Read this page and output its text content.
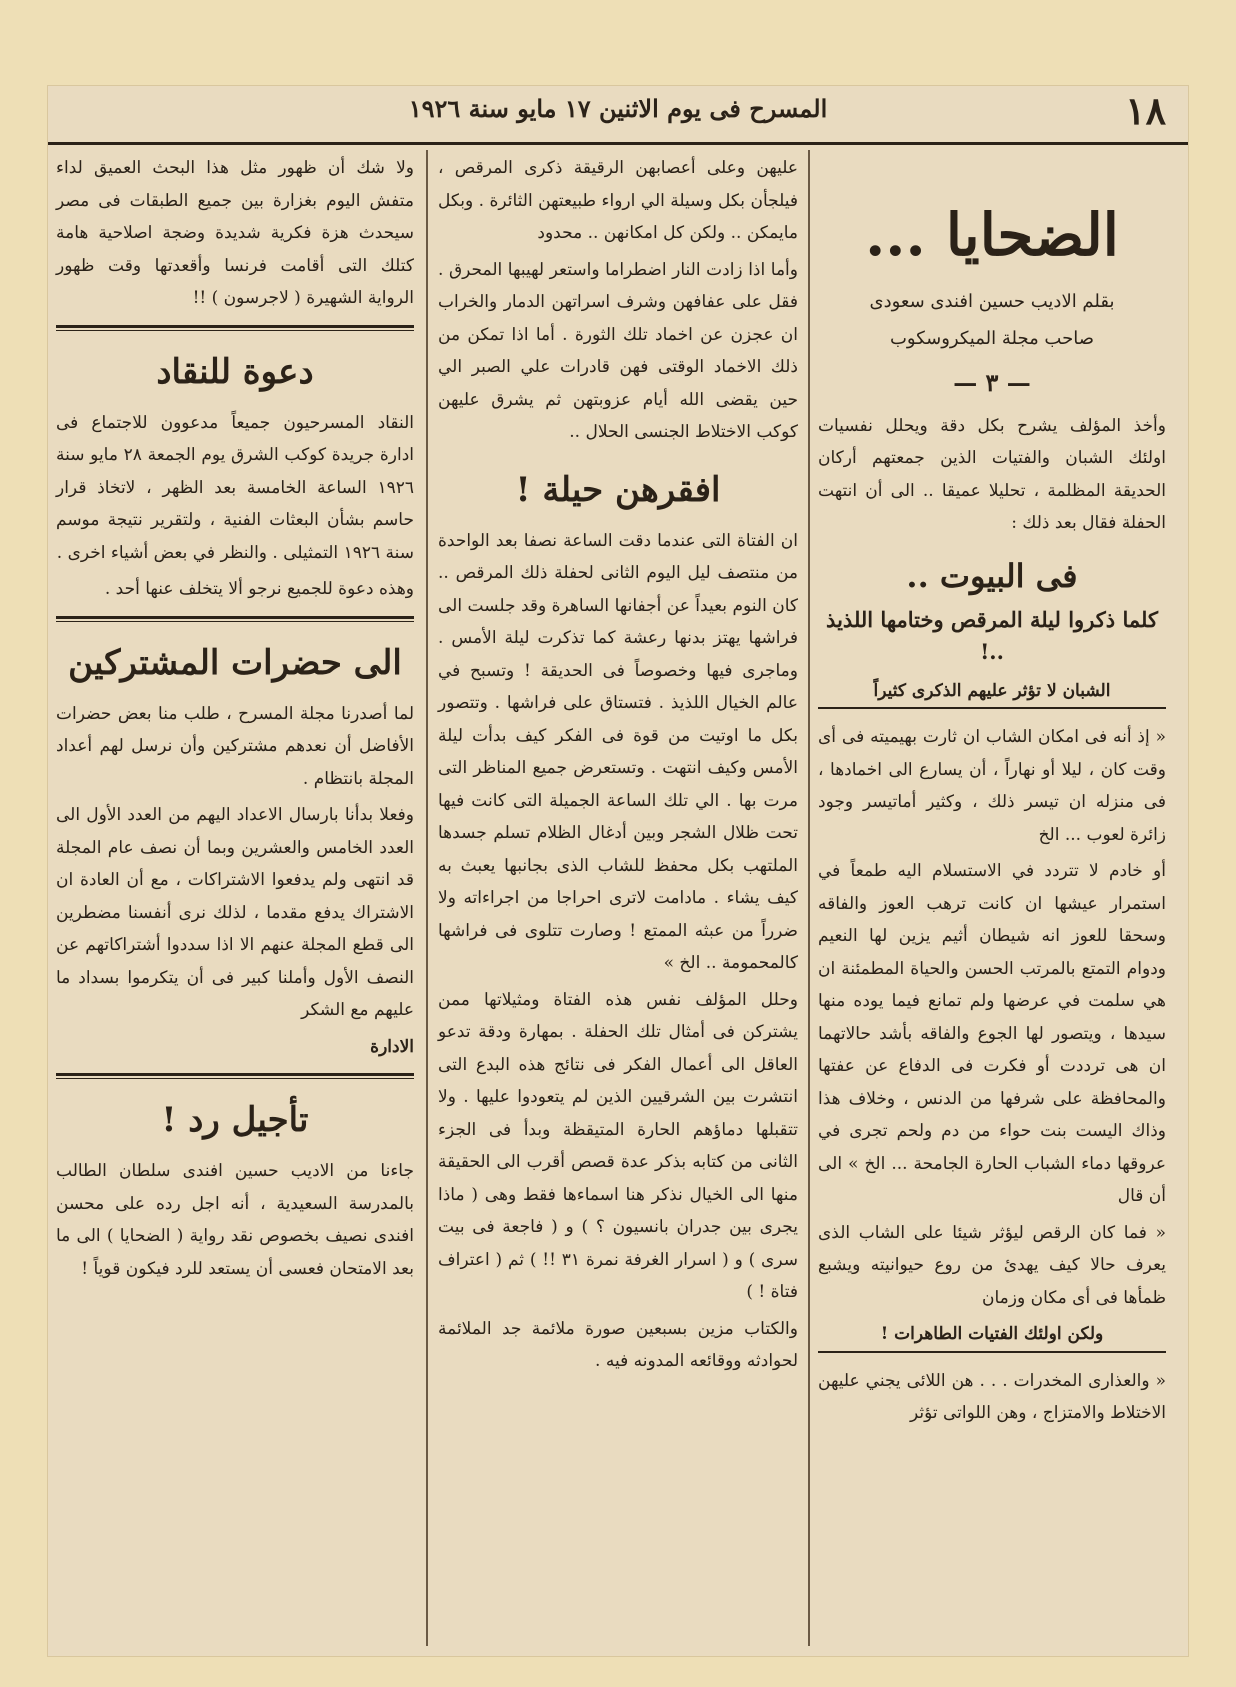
١٨
المسرح فى يوم الاثنين ١٧ مايو سنة ١٩٢٦
الضحايا ...

بقلم الاديب حسين افندى سعودى

صاحب مجلة الميكروسكوب

— ٣ —

وأخذ المؤلف يشرح بكل دقة ويحلل نفسيات اولئك الشبان والفتيات الذين جمعتهم أركان الحديقة المظلمة ، تحليلا عميقا .. الى أن انتهت الحفلة فقال بعد ذلك :

فى البيوت ..
كلما ذكروا ليلة المرقص وختامها اللذيذ ..!
الشبان لا تؤثر عليهم الذكرى كثيراً

« إذ أنه فى امكان الشاب ان ثارت بهيميته فى أى وقت كان ، ليلا أو نهاراً ، أن يسارع الى اخمادها ، فى منزله ان تيسر ذلك ، وكثير أماتيسر وجود زائرة لعوب ... الخ

أو خادم لا تتردد في الاستسلام اليه طمعاً في استمرار عيشها ان كانت ترهب العوز والفاقه وسحقا للعوز انه شيطان أثيم يزين لها النعيم ودوام التمتع بالمرتب الحسن والحياة المطمئنة ان هي سلمت في عرضها ولم تمانع فيما يوده منها سيدها ، ويتصور لها الجوع والفاقه بأشد حالاتهما ان هى ترددت أو فكرت فى الدفاع عن عفتها والمحافظة على شرفها من الدنس ، وخلاف هذا وذاك اليست بنت حواء من دم ولحم تجرى في عروقها دماء الشباب الحارة الجامحة ... الخ » الى أن قال

« فما كان الرقص ليؤثر شيئا على الشاب الذى يعرف حالا كيف يهدئ من روع حيوانيته ويشبع ظمأها فى أى مكان وزمان

ولكن اولئك الفتيات الطاهرات !

« والعذارى المخدرات . . . هن اللائى يجني عليهن الاختلاط والامتزاج ، وهن اللواتى تؤثر

عليهن وعلى أعصابهن الرقيقة ذكرى المرقص ، فيلجأن بكل وسيلة الي ارواء طبيعتهن الثائرة . وبكل مايمكن .. ولكن كل امكانهن .. محدود

وأما اذا زادت النار اضطراما واستعر لهيبها المحرق . فقل على عفافهن وشرف اسراتهن الدمار والخراب ان عجزن عن اخماد تلك الثورة . أما اذا تمكن من ذلك الاخماد الوقتى فهن قادرات علي الصبر الي حين يقضى الله أيام عزوبتهن ثم يشرق عليهن كوكب الاختلاط الجنسى الحلال ..

افقرهن حيلة !

ان الفتاة التى عندما دقت الساعة نصفا بعد الواحدة من منتصف ليل اليوم الثانى لحفلة ذلك المرقص .. كان النوم بعيداً عن أجفانها الساهرة وقد جلست الى فراشها يهتز بدنها رعشة كما تذكرت ليلة الأمس . وماجرى فيها وخصوصاً فى الحديقة ! وتسبح في عالم الخيال اللذيذ . فتستاق على فراشها . وتتصور بكل ما اوتيت من قوة فى الفكر كيف بدأت ليلة الأمس وكيف انتهت . وتستعرض جميع المناظر التى مرت بها . الي تلك الساعة الجميلة التى كانت فيها تحت ظلال الشجر وبين أدغال الظلام تسلم جسدها الملتهب بكل محفظ للشاب الذى بجانبها يعبث به كيف يشاء . مادامت لاترى احراجا من اجراءاته ولا ضرراً من عبثه الممتع ! وصارت تتلوى فى فراشها كالمحمومة .. الخ »

وحلل المؤلف نفس هذه الفتاة ومثيلاتها ممن يشتركن فى أمثال تلك الحفلة . بمهارة ودقة تدعو العاقل الى أعمال الفكر فى نتائج هذه البدع التى انتشرت بين الشرقيين الذين لم يتعودوا عليها . ولا تتقبلها دماؤهم الحارة المتيقظة وبدأ فى الجزء الثانى من كتابه بذكر عدة قصص أقرب الى الحقيقة منها الى الخيال نذكر هنا اسماءها فقط وهى ( ماذا يجرى بين جدران بانسيون ؟ ) و ( فاجعة فى بيت سرى ) و ( اسرار الغرفة نمرة ٣١ !! ) ثم ( اعتراف فتاة ! )

والكتاب مزين بسبعين صورة ملائمة جد الملائمة لحوادثه ووقائعه المدونه فيه .

ولا شك أن ظهور مثل هذا البحث العميق لداء متفش اليوم بغزارة بين جميع الطبقات فى مصر سيحدث هزة فكرية شديدة وضجة اصلاحية هامة كتلك التى أقامت فرنسا وأقعدتها وقت ظهور الرواية الشهيرة ( لاجرسون ) !!

دعوة للنقاد

النقاد المسرحيون جميعاً مدعوون للاجتماع فى ادارة جريدة كوكب الشرق يوم الجمعة ٢٨ مايو سنة ١٩٢٦ الساعة الخامسة بعد الظهر ، لاتخاذ قرار حاسم بشأن البعثات الفنية ، ولتقرير نتيجة موسم سنة ١٩٢٦ التمثيلى . والنظر في بعض أشياء اخرى .

وهذه دعوة للجميع نرجو ألا يتخلف عنها أحد .

الى حضرات المشتركين

لما أصدرنا مجلة المسرح ، طلب منا بعض حضرات الأفاضل أن نعدهم مشتركين وأن نرسل لهم أعداد المجلة بانتظام .

وفعلا بدأنا بارسال الاعداد اليهم من العدد الأول الى العدد الخامس والعشرين وبما أن نصف عام المجلة قد انتهى ولم يدفعوا الاشتراكات ، مع أن العادة ان الاشتراك يدفع مقدما ، لذلك نرى أنفسنا مضطرين الى قطع المجلة عنهم الا اذا سددوا أشتراكاتهم عن النصف الأول وأملنا كبير فى أن يتكرموا بسداد ما عليهم مع الشكر

الادارة

تأجيل رد !

جاءنا من الاديب حسين افندى سلطان الطالب بالمدرسة السعيدية ، أنه اجل رده على محسن افندى نصيف بخصوص نقد رواية ( الضحايا ) الى ما بعد الامتحان فعسى أن يستعد للرد فيكون قوياً !
